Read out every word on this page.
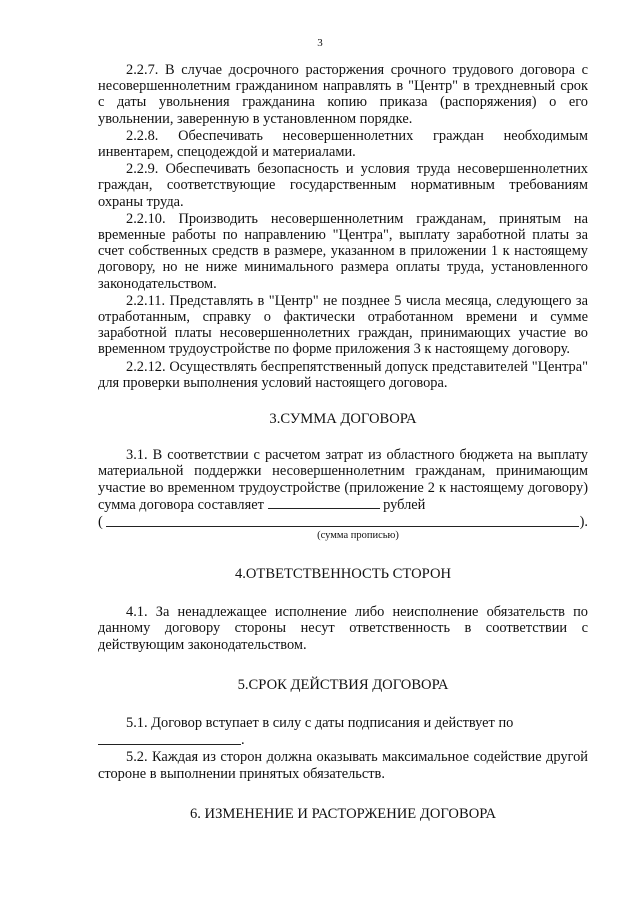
3

2.2.7. В случае досрочного расторжения срочного трудового договора с несовершеннолетним гражданином направлять в "Центр" в трехдневный срок с даты увольнения гражданина копию приказа (распоряжения) о его увольнении, заверенную в установленном порядке.

2.2.8. Обеспечивать несовершеннолетних граждан необходимым инвентарем, спецодеждой и материалами.

2.2.9. Обеспечивать безопасность и условия труда несовершеннолетних граждан, соответствующие государственным нормативным требованиям охраны труда.

2.2.10. Производить несовершеннолетним гражданам, принятым на временные работы по направлению "Центра", выплату заработной платы за счет собственных средств в размере, указанном в приложении 1 к настоящему договору, но не ниже минимального размера оплаты труда, установленного законодательством.

2.2.11. Представлять в "Центр" не позднее 5 числа месяца, следующего за отработанным, справку о фактически отработанном времени и сумме заработной платы несовершеннолетних граждан, принимающих участие во временном трудоустройстве по форме приложения 3 к настоящему договору.

2.2.12. Осуществлять беспрепятственный допуск представителей "Центра" для проверки выполнения условий настоящего договора.

3.СУММА ДОГОВОРА

3.1. В соответствии с расчетом затрат из областного бюджета на выплату материальной поддержки несовершеннолетним гражданам, принимающим участие во временном трудоустройстве (приложение 2 к настоящему договору) сумма договора составляет	рублей

(	).

(сумма прописью)

4.ОТВЕТСТВЕННОСТЬ СТОРОН

4.1. За ненадлежащее исполнение либо неисполнение обязательств по данному договору стороны несут ответственность в соответствии с действующим законодательством.

5.СРОК ДЕЙСТВИЯ ДОГОВОРА

5.1. Договор вступает в силу с даты подписания и действует по

.

5.2. Каждая из сторон должна оказывать максимальное содействие другой стороне в выполнении принятых обязательств.

6. ИЗМЕНЕНИЕ И РАСТОРЖЕНИЕ ДОГОВОРА
